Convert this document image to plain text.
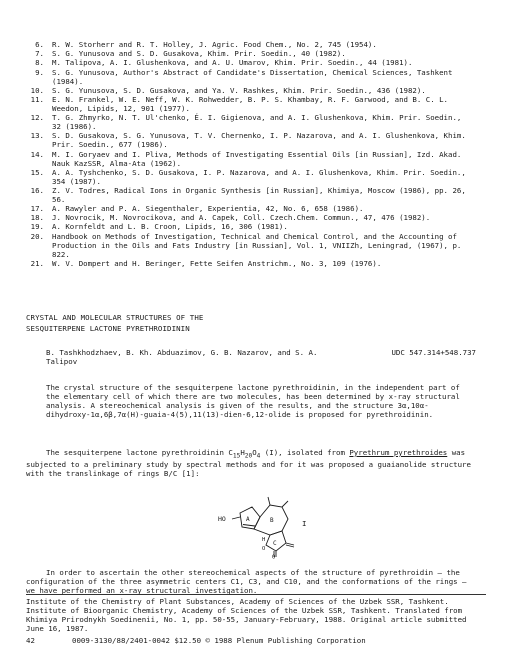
6. R. W. Storherr and R. T. Holley, J. Agric. Food Chem., No. 2, 745 (1954).
7. S. G. Yunusova and S. D. Gusakova, Khim. Prir. Soedin., 40 (1982).
8. M. Talipova, A. I. Glushenkova, and A. U. Umarov, Khim. Prir. Soedin., 44 (1981).
9. S. G. Yunusova, Author's Abstract of Candidate's Dissertation, Chemical Sciences, Tashkent (1984).
10. S. G. Yunusova, S. D. Gusakova, and Ya. V. Rashkes, Khim. Prir. Soedin., 436 (1982).
11. E. N. Frankel, W. E. Neff, W. K. Rohwedder, B. P. S. Khambay, R. F. Garwood, and B. C. L. Weedon, Lipids, 12, 901 (1977).
12. T. G. Zhmyrko, N. T. Ul'chenko, É. I. Gigienova, and A. I. Glushenkova, Khim. Prir. Soedin., 32 (1986).
13. S. D. Gusakova, S. G. Yunusova, T. V. Chernenko, I. P. Nazarova, and A. I. Glushenkova, Khim. Prir. Soedin., 677 (1986).
14. M. I. Goryaev and I. Pliva, Methods of Investigating Essential Oils [in Russian], Izd. Akad. Nauk KazSSR, Alma-Ata (1962).
15. A. A. Tyshchenko, S. D. Gusakova, I. P. Nazarova, and A. I. Glushenkova, Khim. Prir. Soedin., 354 (1987).
16. Z. V. Todres, Radical Ions in Organic Synthesis [in Russian], Khimiya, Moscow (1986), pp. 26, 56.
17. A. Rawyler and P. A. Siegenthaler, Experientia, 42, No. 6, 658 (1986).
18. J. Novrocik, M. Novrocikova, and A. Capek, Coll. Czech.Chem. Commun., 47, 476 (1982).
19. A. Kornfeldt and L. B. Croon, Lipids, 16, 306 (1981).
20. Handbook on Methods of Investigation, Technical and Chemical Control, and the Accounting of Production in the Oils and Fats Industry [in Russian], Vol. 1, VNIIZh, Leningrad, (1967), p. 822.
21. W. V. Dompert and H. Beringer, Fette Seifen Anstrichm., No. 3, 109 (1976).
CRYSTAL AND MOLECULAR STRUCTURES OF THE
SESQUITERPENE LACTONE PYRETHROIDININ
B. Tashkhodzhaev, B. Kh. Abduazimov, G. B. Nazarov, and S. A. Talipov
UDC 547.314+548.737
The crystal structure of the sesquiterpene lactone pyrethroidinin, in the independent part of the elementary cell of which there are two molecules, has been determined by x-ray structural analysis. A stereochemical analysis is given of the results, and the structure 3α,10α-dihydroxy-1α,6β,7α(H)-guaia-4(5),11(13)-dien-6,12-olide is proposed for pyrethroidinin.
The sesquiterpene lactone pyrethroidinin $C_{15}H_{20}O_4$ (I), isolated from Pyrethrum pyrethroides was subjected to a preliminary study by spectral methods and for it was proposed a guaianolide structure with the translinkage of rings B/C [1]:
HO	A	B
C
H
O
O
I
In order to ascertain the other stereochemical aspects of the structure of pyrethroidin — the configuration of the three asymmetric centers C1, C3, and C10, and the conformations of the rings — we have performed an x-ray structural investigation.
Institute of the Chemistry of Plant Substances, Academy of Sciences of the Uzbek SSR, Tashkent. Institute of Bioorganic Chemistry, Academy of Sciences of the Uzbek SSR, Tashkent. Translated from Khimiya Prirodnykh Soedinenii, No. 1, pp. 50-55, January-February, 1988. Original article submitted June 16, 1987.
42	0009-3130/88/2401-0042 $12.50 © 1988 Plenum Publishing Corporation
